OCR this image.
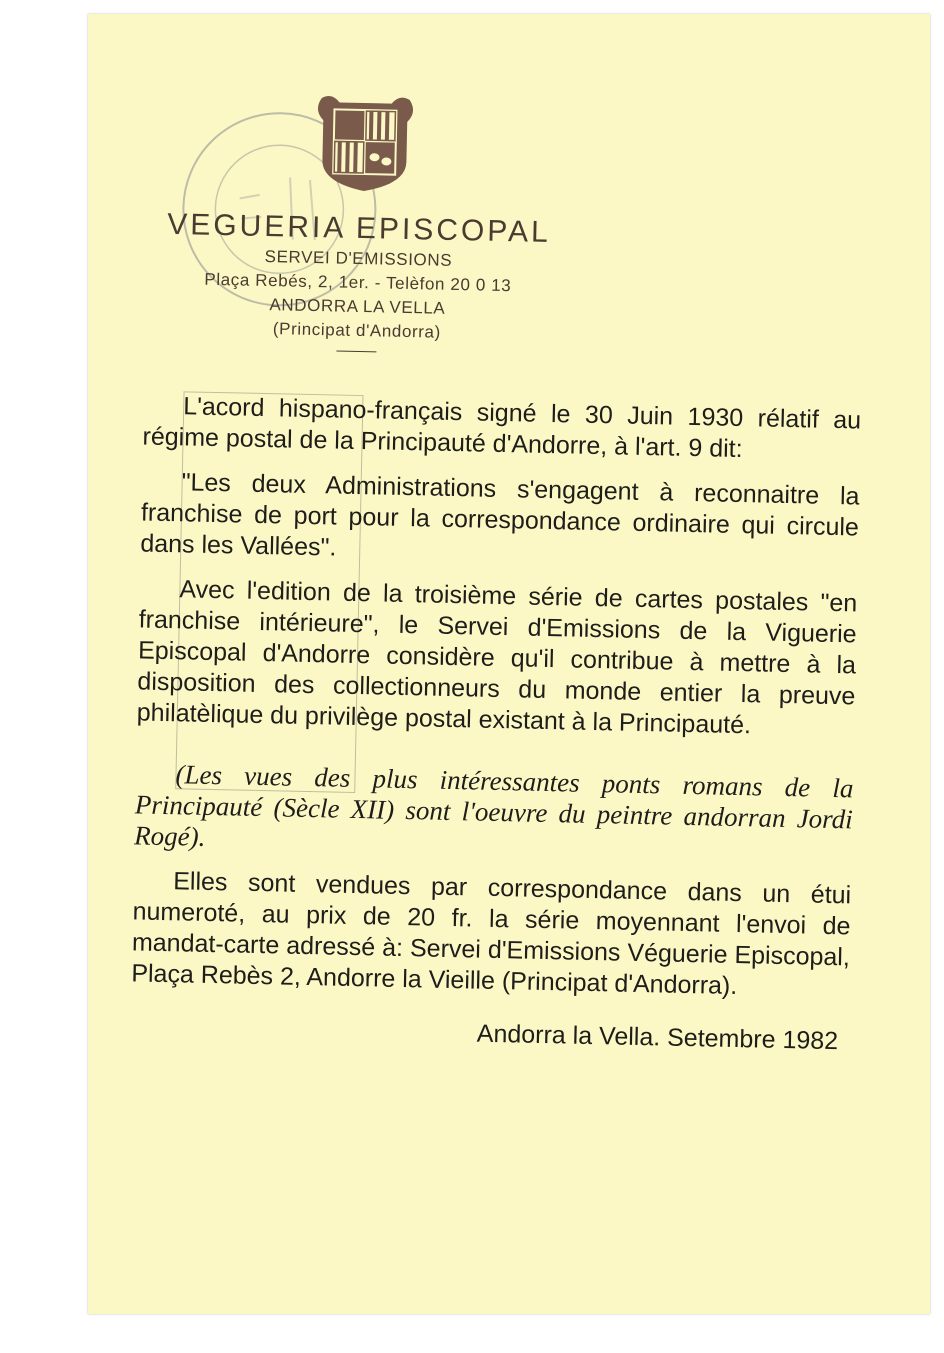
VEGUERIA EPISCOPAL

SERVEI D'EMISSIONS

Plaça Rebés, 2, 1er. - Telèfon 20 0 13

ANDORRA LA VELLA

(Principat d'Andorra)

L'acord hispano-français signé le 30 Juin 1930 rélatif au régime postal de la Principauté d'Andorre, à l'art. 9 dit:

"Les deux Administrations s'engagent à reconnaitre la franchise de port pour la correspondance ordinaire qui circule dans les Vallées".

Avec l'edition de la troisième série de cartes postales "en franchise intérieure", le Servei d'Emissions de la Viguerie Episcopal d'Andorre considère qu'il contribue à mettre à la disposition des collectionneurs du monde entier la preuve philatèlique du privilège postal existant à la Principauté.

(Les vues des plus intéressantes ponts romans de la Principauté (Sècle XII) sont l'oeuvre du peintre andorran Jordi Rogé).

Elles sont vendues par correspondance dans un étui numeroté, au prix de 20 fr. la série moyennant l'envoi de mandat-carte adressé à: Servei d'Emissions Véguerie Episcopal, Plaça Rebès 2, Andorre la Vieille (Principat d'Andorra).

Andorra la Vella. Setembre 1982
